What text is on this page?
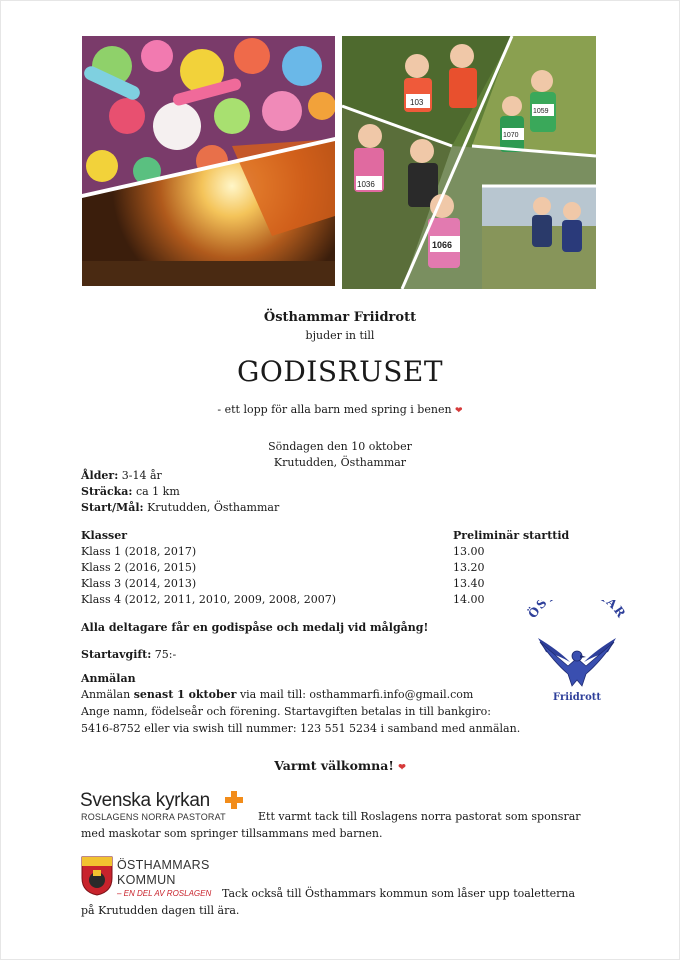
103
1070
1059
1036
1066
Östhammar Friidrott
bjuder in till
GODISRUSET
- ett lopp för alla barn med spring i benen ❤
Söndagen den 10 oktober
Krutudden, Östhammar
Ålder: 3-14 år
Sträcka: ca 1 km
Start/Mål: Krutudden, Östhammar
Klasser	Preliminär starttid
Klass 1 (2018, 2017)	13.00
Klass 2 (2016, 2015)	13.20
Klass 3 (2014, 2013)	13.40
Klass 4 (2012, 2011, 2010, 2009, 2008, 2007)	14.00
ÖS AR
Friidrott
Alla deltagare får en godispåse och medalj vid målgång!
Startavgift: 75:-
Anmälan
Anmälan senast 1 oktober via mail till: osthammarfi.info@gmail.com
Ange namn, födelseår och förening. Startavgiften betalas in till bankgiro:
5416-8752 eller via swish till nummer: 123 551 5234 i samband med anmälan.
Varmt välkomna! ❤
Svenska kyrkan
ROSLAGENS NORRA PASTORAT	Ett varmt tack till Roslagens norra pastorat som sponsrar
med maskotar som springer tillsammans med barnen.
ÖSTHAMMARS
KOMMUN
– EN DEL AV ROSLAGEN Tack också till Östhammars kommun som låser upp toaletterna
på Krutudden dagen till ära.
